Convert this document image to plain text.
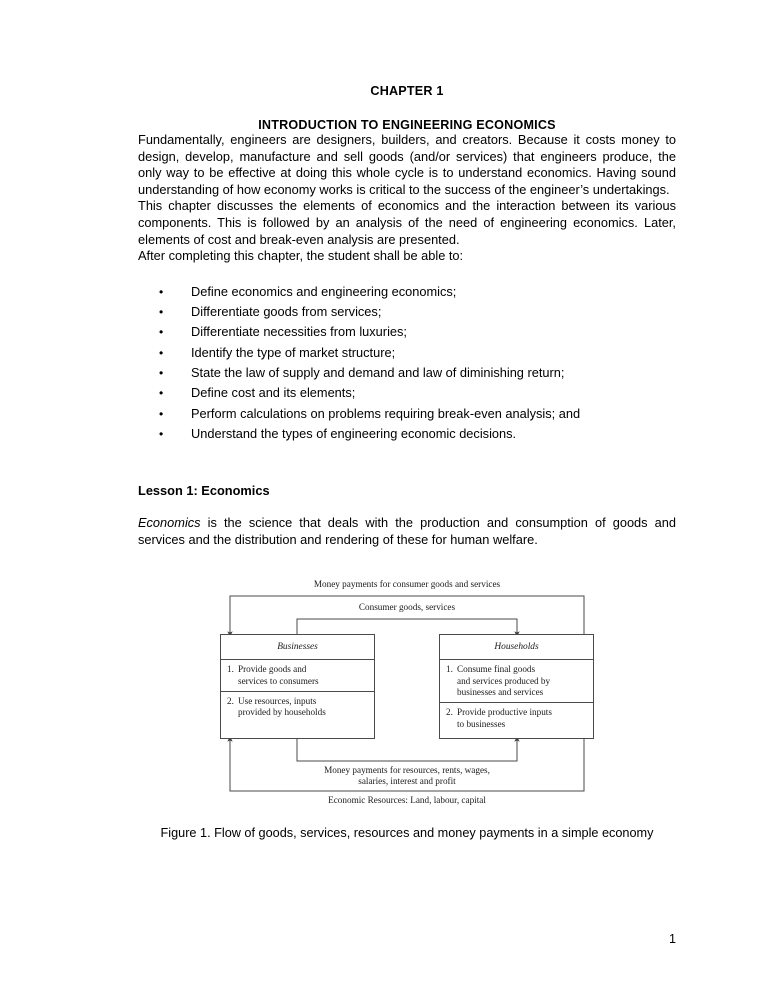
CHAPTER 1
INTRODUCTION TO ENGINEERING ECONOMICS

Fundamentally, engineers are designers, builders, and creators. Because it costs money to design, develop, manufacture and sell goods (and/or services) that engineers produce, the only way to be effective at doing this whole cycle is to understand economics. Having sound understanding of how economy works is critical to the success of the engineer’s undertakings.

This chapter discusses the elements of economics and the interaction between its various components. This is followed by an analysis of the need of engineering economics. Later, elements of cost and break-even analysis are presented.

After completing this chapter, the student shall be able to:

• Define economics and engineering economics;
• Differentiate goods from services;
• Differentiate necessities from luxuries;
• Identify the type of market structure;
• State the law of supply and demand and law of diminishing return;
• Define cost and its elements;
• Perform calculations on problems requiring break-even analysis; and
• Understand the types of engineering economic decisions.
Lesson 1: Economics

Economics is the science that deals with the production and consumption of goods and services and the distribution and rendering of these for human welfare.

Money payments for consumer goods and services
Consumer goods, services
Businesses
1. Provide goods and
services to consumers
2. Use resources, inputs
provided by households
Households
1. Consume final goods
and services produced by
businesses and services
2. Provide productive inputs
to businesses
Money payments for resources, rents, wages,
salaries, interest and profit
Economic Resources: Land, labour, capital
Figure 1. Flow of goods, services, resources and money payments in a simple economy
1
